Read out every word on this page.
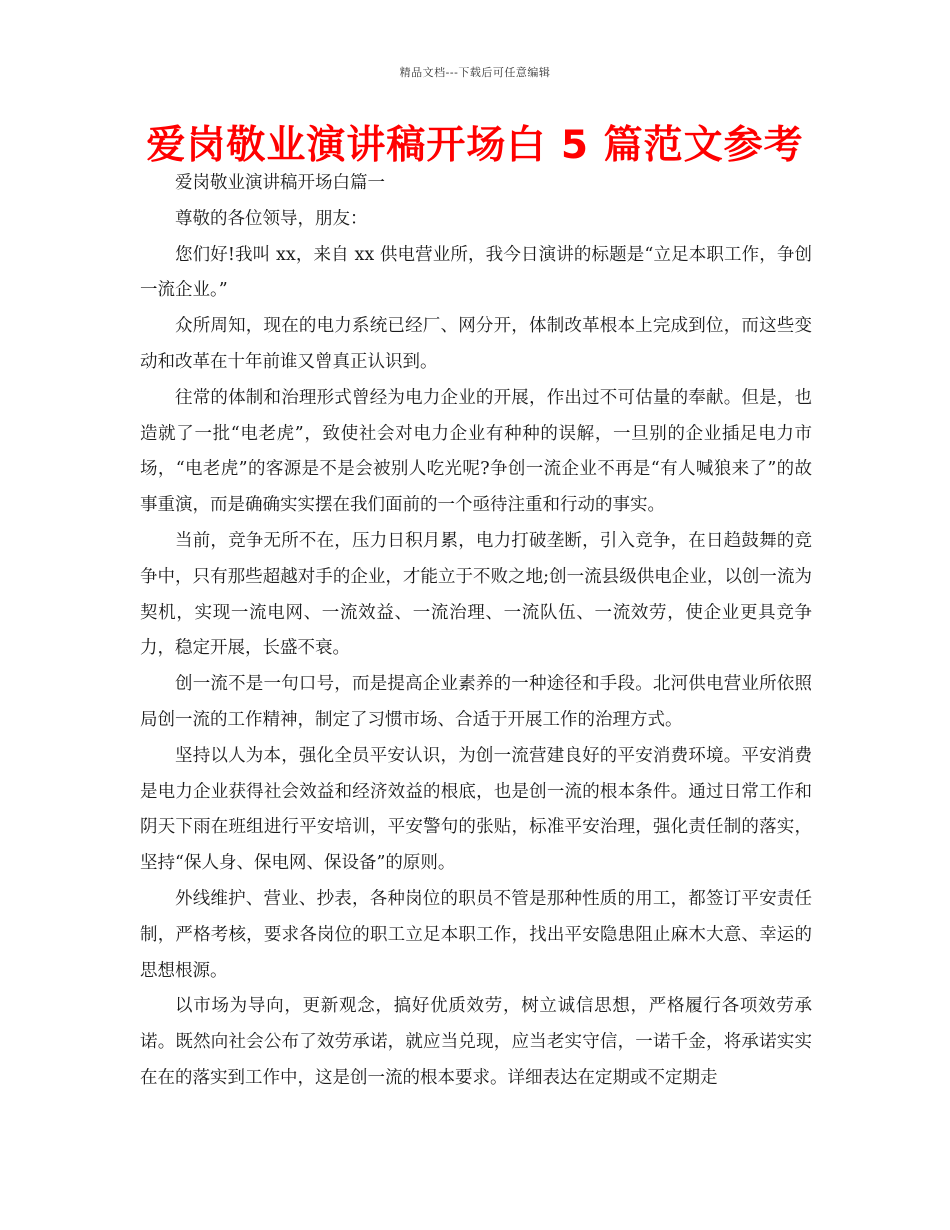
精品文档---下载后可任意编辑
爱岗敬业演讲稿开场白 5 篇范文参考

爱岗敬业演讲稿开场白篇一

尊敬的各位领导，朋友：

您们好!我叫 xx，来自 xx 供电营业所，我今日演讲的标题是“立足本职工作，争创一流企业。”

众所周知，现在的电力系统已经厂、网分开，体制改革根本上完成到位，而这些变动和改革在十年前谁又曾真正认识到。

往常的体制和治理形式曾经为电力企业的开展，作出过不可估量的奉献。但是，也造就了一批“电老虎”，致使社会对电力企业有种种的误解，一旦别的企业插足电力市场，“电老虎”的客源是不是会被别人吃光呢?争创一流企业不再是“有人喊狼来了”的故事重演，而是确确实实摆在我们面前的一个亟待注重和行动的事实。

当前，竞争无所不在，压力日积月累，电力打破垄断，引入竞争，在日趋鼓舞的竞争中，只有那些超越对手的企业，才能立于不败之地;创一流县级供电企业，以创一流为契机，实现一流电网、一流效益、一流治理、一流队伍、一流效劳，使企业更具竞争力，稳定开展，长盛不衰。

创一流不是一句口号，而是提高企业素养的一种途径和手段。北河供电营业所依照局创一流的工作精神，制定了习惯市场、合适于开展工作的治理方式。

坚持以人为本，强化全员平安认识，为创一流营建良好的平安消费环境。平安消费是电力企业获得社会效益和经济效益的根底，也是创一流的根本条件。通过日常工作和阴天下雨在班组进行平安培训，平安警句的张贴，标准平安治理，强化责任制的落实，坚持“保人身、保电网、保设备”的原则。

外线维护、营业、抄表，各种岗位的职员不管是那种性质的用工，都签订平安责任制，严格考核，要求各岗位的职工立足本职工作，找出平安隐患阻止麻木大意、幸运的思想根源。

以市场为导向，更新观念，搞好优质效劳，树立诚信思想，严格履行各项效劳承诺。既然向社会公布了效劳承诺，就应当兑现，应当老实守信，一诺千金，将承诺实实在在的落实到工作中，这是创一流的根本要求。详细表达在定期或不定期走
